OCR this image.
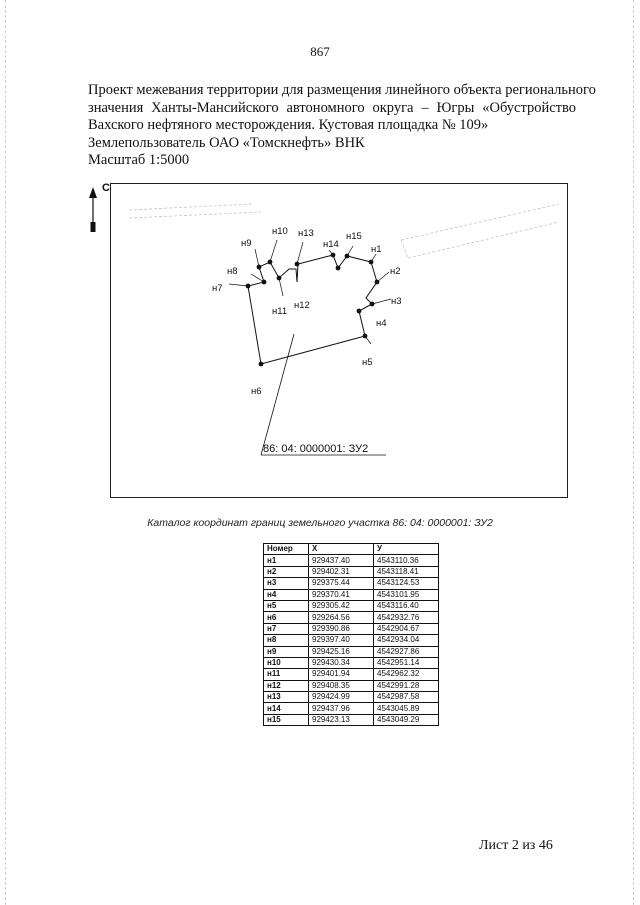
867
Проект межевания территории для размещения линейного объекта регионального
значения Ханты-Мансийского автономного округа – Югры «Обустройство
Вахского нефтяного месторождения. Кустовая площадка № 109»
Землепользователь ОАО «Томскнефть» ВНК
Масштаб 1:5000
С
н1
н2
н3
н4
н5
н6
н7
н8
н9
н10
н11
н12
н13
н14
н15
86: 04: 0000001: ЗУ2
Каталог координат границ земельного участка 86: 04: 0000001: ЗУ2
Номер	X	У
н1	929437.40	4543110.36
н2	929402.31	4543118.41
н3	929375.44	4543124.53
н4	929370.41	4543101.95
н5	929305.42	4543116.40
н6	929264.56	4542932.76
н7	929390.86	4542904.67
н8	929397.40	4542934.04
н9	929425.16	4542927.86
н10	929430.34	4542951.14
н11	929401.94	4542962.32
н12	929408.35	4542991.28
н13	929424.99	4542987.58
н14	929437.96	4543045.89
н15	929423.13	4543049.29
Лист 2 из 46
